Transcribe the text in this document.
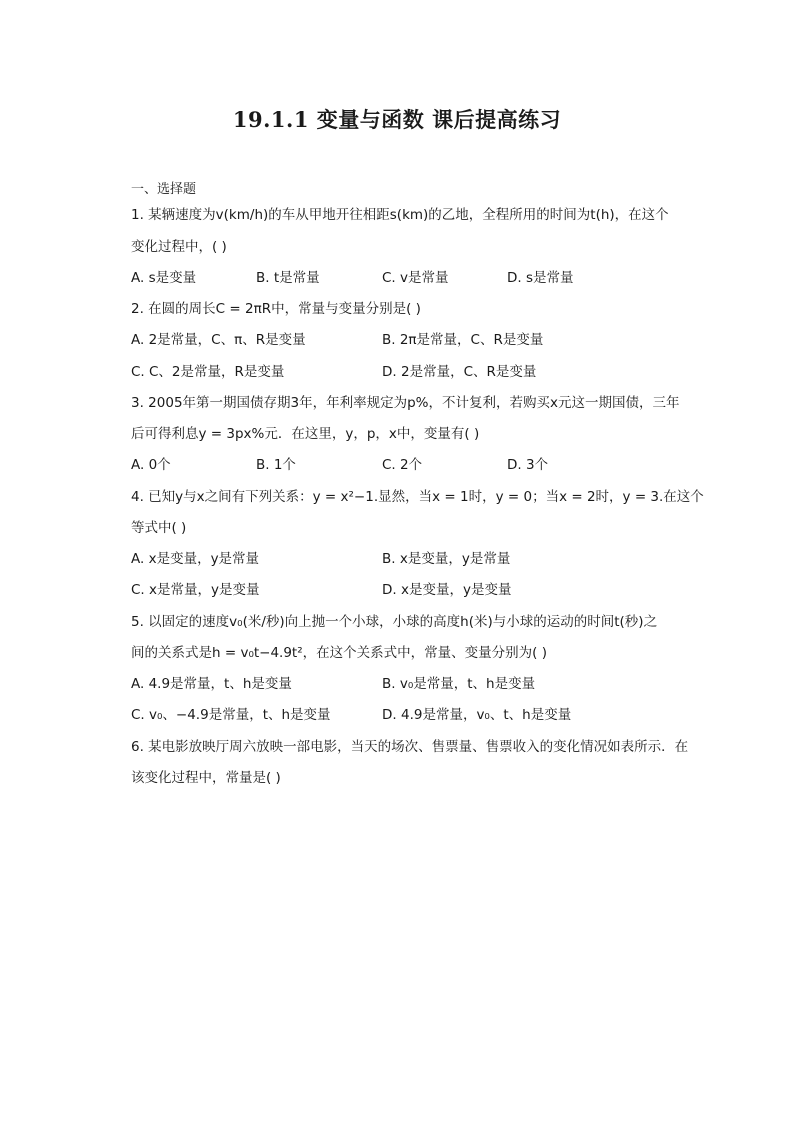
19.1.1 变量与函数 课后提高练习
一、选择题
1. 某辆速度为v(km/h)的车从甲地开往相距s(km)的乙地，全程所用的时间为t(h)，在这个
变化过程中，( )
A. s是变量	B. t是常量	C. v是常量	D. s是常量
2. 在圆的周长C = 2πR中，常量与变量分别是( )
A. 2是常量，C、π、R是变量	B. 2π是常量，C、R是变量
C. C、2是常量，R是变量	D. 2是常量，C、R是变量
3. 2005年第一期国债存期3年，年利率规定为p%，不计复利，若购买x元这一期国债，三年
后可得利息y = 3px%元．在这里，y，p，x中，变量有( )
A. 0个	B. 1个	C. 2个	D. 3个
4. 已知y与x之间有下列关系：y = x²−1.显然，当x = 1时，y = 0；当x = 2时，y = 3.在这个
等式中( )
A. x是变量，y是常量	B. x是变量，y是常量
C. x是常量，y是变量	D. x是变量，y是变量
5. 以固定的速度v₀(米/秒)向上抛一个小球，小球的高度h(米)与小球的运动的时间t(秒)之
间的关系式是h = v₀t−4.9t²，在这个关系式中，常量、变量分别为( )
A. 4.9是常量，t、h是变量	B. v₀是常量，t、h是变量
C. v₀、−4.9是常量，t、h是变量	D. 4.9是常量，v₀、t、h是变量
6. 某电影放映厅周六放映一部电影，当天的场次、售票量、售票收入的变化情况如表所示．在
该变化过程中，常量是( )
